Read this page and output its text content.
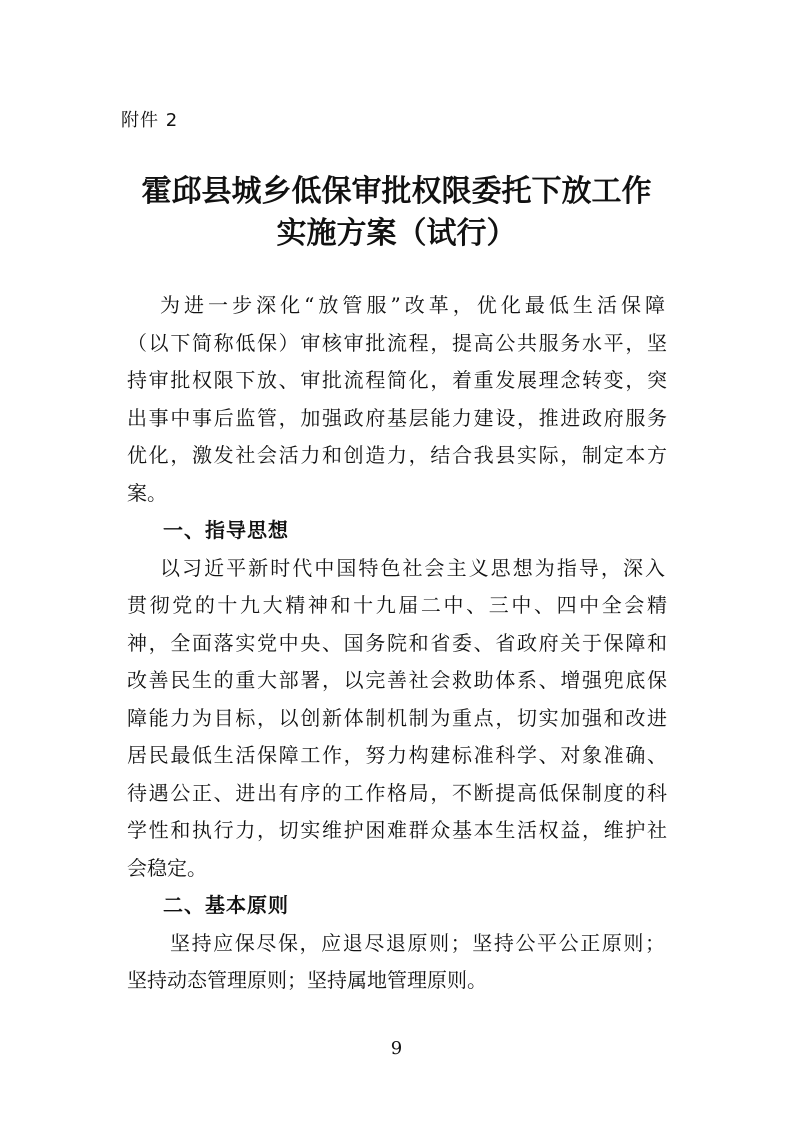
附件 2
霍邱县城乡低保审批权限委托下放工作
实施方案（试行）
为进一步深化“放管服”改革，优化最低生活保障
（以下简称低保）审核审批流程，提高公共服务水平，坚
持审批权限下放、审批流程简化，着重发展理念转变，突
出事中事后监管，加强政府基层能力建设，推进政府服务
优化，激发社会活力和创造力，结合我县实际，制定本方
案。
一、指导思想
以习近平新时代中国特色社会主义思想为指导，深入
贯彻党的十九大精神和十九届二中、三中、四中全会精
神，全面落实党中央、国务院和省委、省政府关于保障和
改善民生的重大部署，以完善社会救助体系、增强兜底保
障能力为目标，以创新体制机制为重点，切实加强和改进
居民最低生活保障工作，努力构建标准科学、对象准确、
待遇公正、进出有序的工作格局，不断提高低保制度的科
学性和执行力，切实维护困难群众基本生活权益，维护社
会稳定。
二、基本原则
9
坚持应保尽保，应退尽退原则；坚持公平公正原则；
坚持动态管理原则；坚持属地管理原则。
